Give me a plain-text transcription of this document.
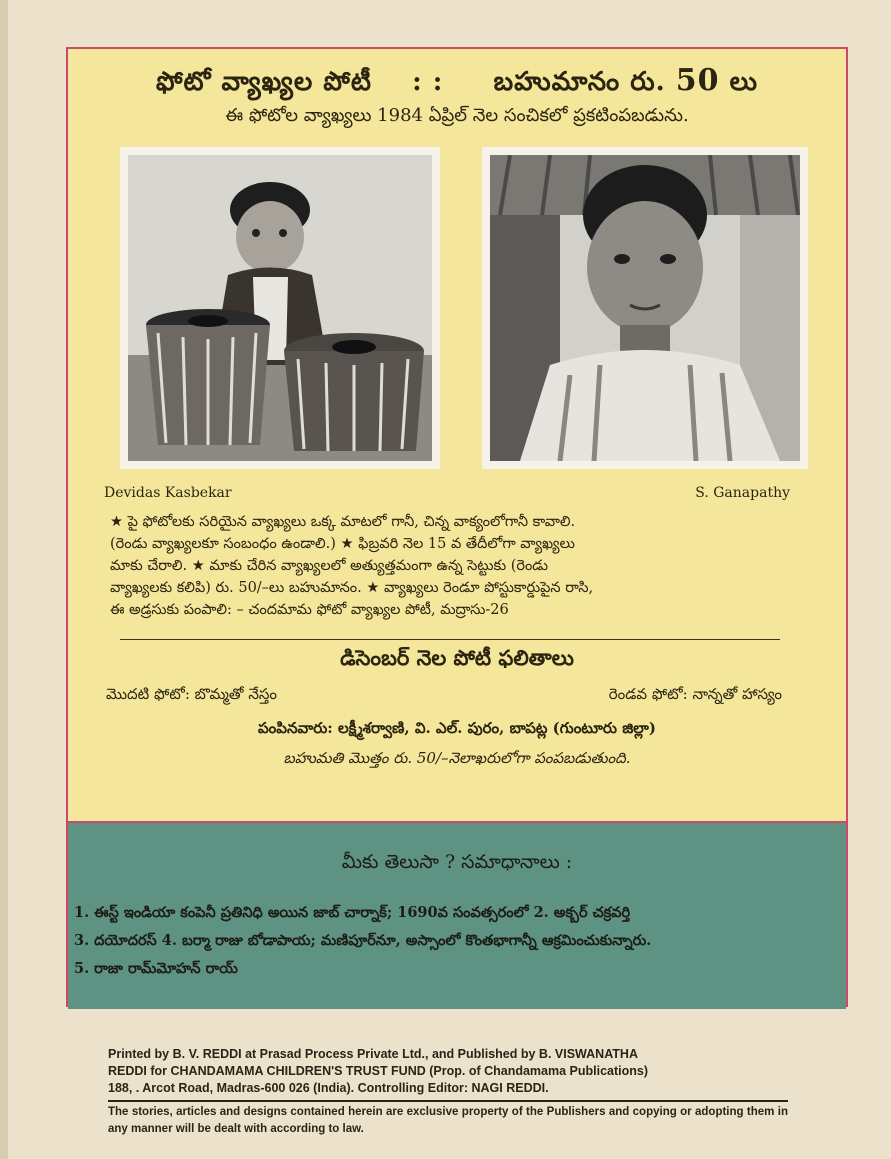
ఫోటో వ్యాఖ్యల పోటీ : : బహుమానం రు. 50 లు
ఈ ఫోటోల వ్యాఖ్యలు 1984 ఏప్రిల్ నెల సంచికలో ప్రకటింపబడును.
Devidas Kasbekar	S. Ganapathy

★ పై ఫోటోలకు సరియైన వ్యాఖ్యలు ఒక్క మాటలో గానీ, చిన్న వాక్యంలోగానీ కావాలి.

(రెండు వ్యాఖ్యలకూ సంబంధం ఉండాలి.) ★ ఫిబ్రవరి నెల 15 వ తేదీలోగా వ్యాఖ్యలు

మాకు చేరాలి. ★ మాకు చేరిన వ్యాఖ్యలలో అత్యుత్తమంగా ఉన్న సెట్టుకు (రెండు

వ్యాఖ్యలకు కలిపి) రు. 50/–లు బహుమానం. ★ వ్యాఖ్యలు రెండూ పోస్టుకార్డుపైన రాసి,

ఈ అడ్రసుకు పంపాలి: – చందమామ ఫోటో వ్యాఖ్యల పోటీ, మద్రాసు-26

డిసెంబర్ నెల పోటీ ఫలితాలు
మొదటి ఫోటో: బొమ్మతో నేస్తం	రెండవ ఫోటో: నాన్నతో హాస్యం
పంపినవారు: లక్ష్మీశర్వాణి, వి. ఎల్. పురం, బాపట్ల (గుంటూరు జిల్లా)
బహుమతి మొత్తం రు. 50/–నెలాఖరులోగా పంపబడుతుంది.
మీకు తెలుసా ? సమాధానాలు :

1. ఈస్ట్ ఇండియా కంపెనీ ప్రతినిధి అయిన జాబ్ చార్నాక్; 1690వ సంవత్సరంలో 2. అక్బర్ చక్రవర్తి

3. దయోదరస్ 4. బర్మా రాజు బోడాపాయ; మణిపూర్‌నూ, అస్సాంలో కొంతభాగాన్నీ ఆక్రమించుకున్నారు.

5. రాజా రామ్‌మోహన్ రాయ్

Printed by B. V. REDDI at Prasad Process Private Ltd., and Published by B. VISWANATHA

REDDI for CHANDAMAMA CHILDREN'S TRUST FUND (Prop. of Chandamama Publications)

188, . Arcot Road, Madras-600 026 (India). Controlling Editor: NAGI REDDI.

The stories, articles and designs contained herein are exclusive property of the Publishers and copying or adopting them in any manner will be dealt with according to law.
